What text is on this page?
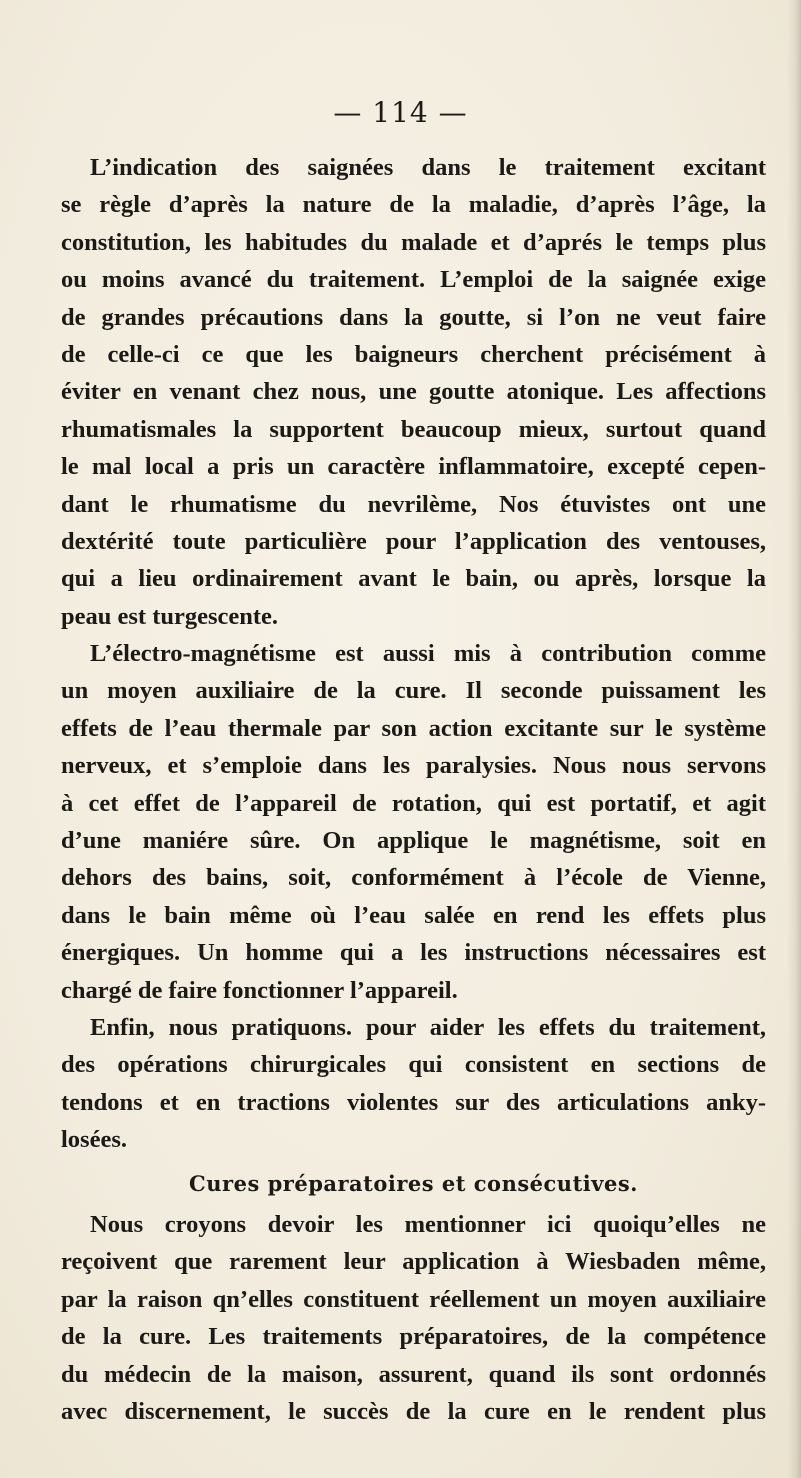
— 114 —
L’indication des saignées dans le traitement excitant
se règle d’après la nature de la maladie, d’après l’âge, la
constitution, les habitudes du malade et d’aprés le temps plus
ou moins avancé du traitement. L’emploi de la saignée exige
de grandes précautions dans la goutte, si l’on ne veut faire
de celle-ci ce que les baigneurs cherchent précisément à
éviter en venant chez nous, une goutte atonique. Les affections
rhumatismales la supportent beaucoup mieux, surtout quand
le mal local a pris un caractère inflammatoire, excepté cepen-
dant le rhumatisme du nevrilème, Nos étuvistes ont une
dextérité toute particulière pour l’application des ventouses,
qui a lieu ordinairement avant le bain, ou après, lorsque la
peau est turgescente.
L’électro-magnétisme est aussi mis à contribution comme
un moyen auxiliaire de la cure. Il seconde puissament les
effets de l’eau thermale par son action excitante sur le système
nerveux, et s’emploie dans les paralysies. Nous nous servons
à cet effet de l’appareil de rotation, qui est portatif, et agit
d’une maniére sûre. On applique le magnétisme, soit en
dehors des bains, soit, conformément à l’école de Vienne,
dans le bain même où l’eau salée en rend les effets plus
énergiques. Un homme qui a les instructions nécessaires est
chargé de faire fonctionner l’appareil.
Enfin, nous pratiquons. pour aider les effets du traitement,
des opérations chirurgicales qui consistent en sections de
tendons et en tractions violentes sur des articulations anky-
losées.
Cures préparatoires et consécutives.
Nous croyons devoir les mentionner ici quoiqu’elles ne
reçoivent que rarement leur application à Wiesbaden même,
par la raison qn’elles constituent réellement un moyen auxiliaire
de la cure. Les traitements préparatoires, de la compétence
du médecin de la maison, assurent, quand ils sont ordonnés
avec discernement, le succès de la cure en le rendent plus
